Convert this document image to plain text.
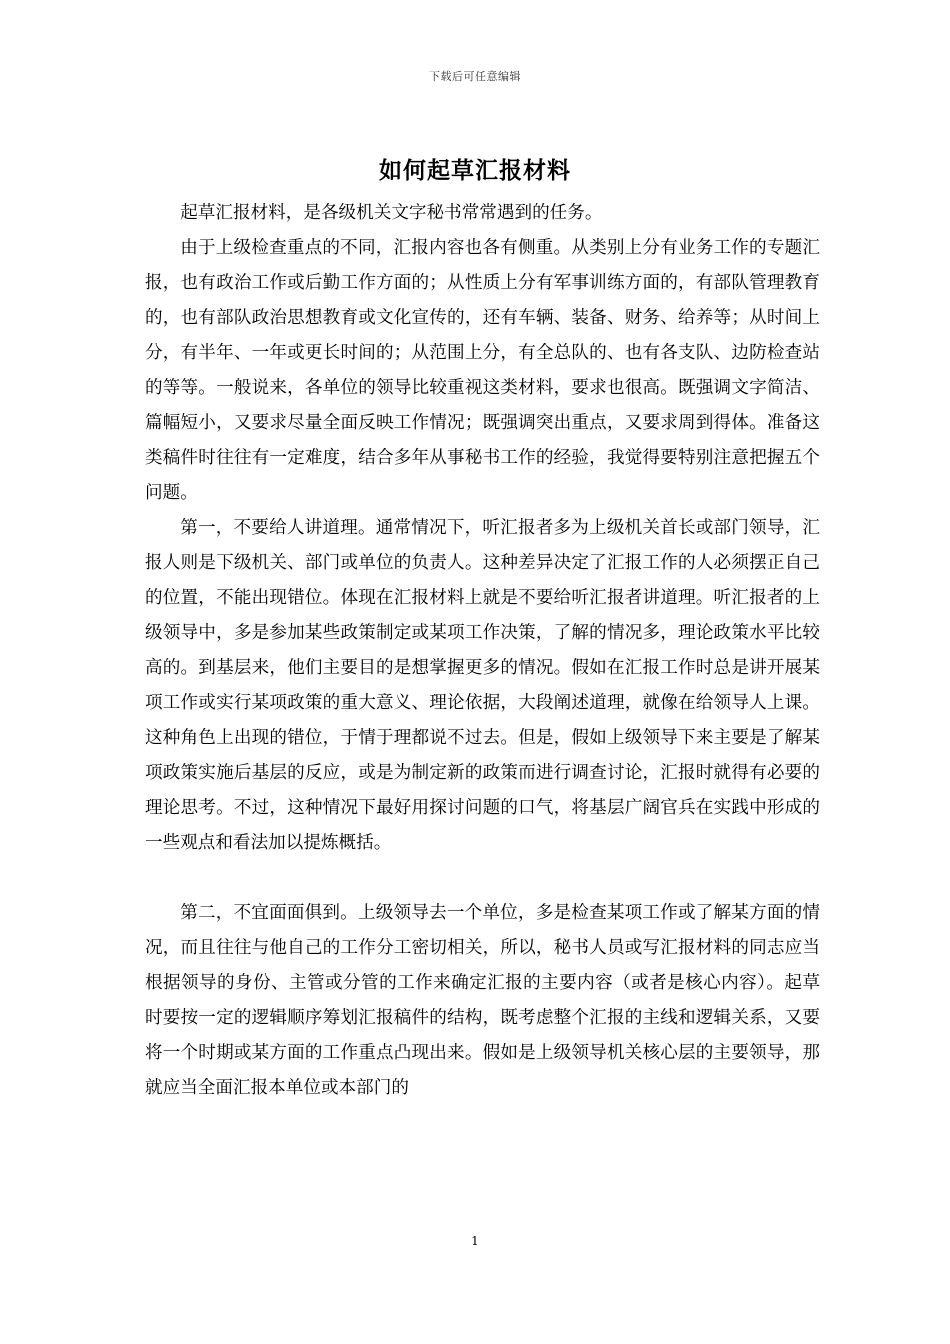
下载后可任意编辑
如何起草汇报材料

起草汇报材料，是各级机关文字秘书常常遇到的任务。

由于上级检查重点的不同，汇报内容也各有侧重。从类别上分有业务工作的专题汇报，也有政治工作或后勤工作方面的；从性质上分有军事训练方面的，有部队管理教育的，也有部队政治思想教育或文化宣传的，还有车辆、装备、财务、给养等；从时间上分，有半年、一年或更长时间的；从范围上分，有全总队的、也有各支队、边防检查站的等等。一般说来，各单位的领导比较重视这类材料，要求也很高。既强调文字简洁、篇幅短小，又要求尽量全面反映工作情况；既强调突出重点，又要求周到得体。准备这类稿件时往往有一定难度，结合多年从事秘书工作的经验，我觉得要特别注意把握五个问题。

第一，不要给人讲道理。通常情况下，听汇报者多为上级机关首长或部门领导，汇报人则是下级机关、部门或单位的负责人。这种差异决定了汇报工作的人必须摆正自己的位置，不能出现错位。体现在汇报材料上就是不要给听汇报者讲道理。听汇报者的上级领导中，多是参加某些政策制定或某项工作决策，了解的情况多，理论政策水平比较高的。到基层来，他们主要目的是想掌握更多的情况。假如在汇报工作时总是讲开展某项工作或实行某项政策的重大意义、理论依据，大段阐述道理，就像在给领导人上课。这种角色上出现的错位，于情于理都说不过去。但是，假如上级领导下来主要是了解某项政策实施后基层的反应，或是为制定新的政策而进行调查讨论，汇报时就得有必要的理论思考。不过，这种情况下最好用探讨问题的口气，将基层广阔官兵在实践中形成的一些观点和看法加以提炼概括。

第二，不宜面面俱到。上级领导去一个单位，多是检查某项工作或了解某方面的情况，而且往往与他自己的工作分工密切相关，所以，秘书人员或写汇报材料的同志应当根据领导的身份、主管或分管的工作来确定汇报的主要内容（或者是核心内容）。起草时要按一定的逻辑顺序筹划汇报稿件的结构，既考虑整个汇报的主线和逻辑关系，又要将一个时期或某方面的工作重点凸现出来。假如是上级领导机关核心层的主要领导，那就应当全面汇报本单位或本部门的

1
